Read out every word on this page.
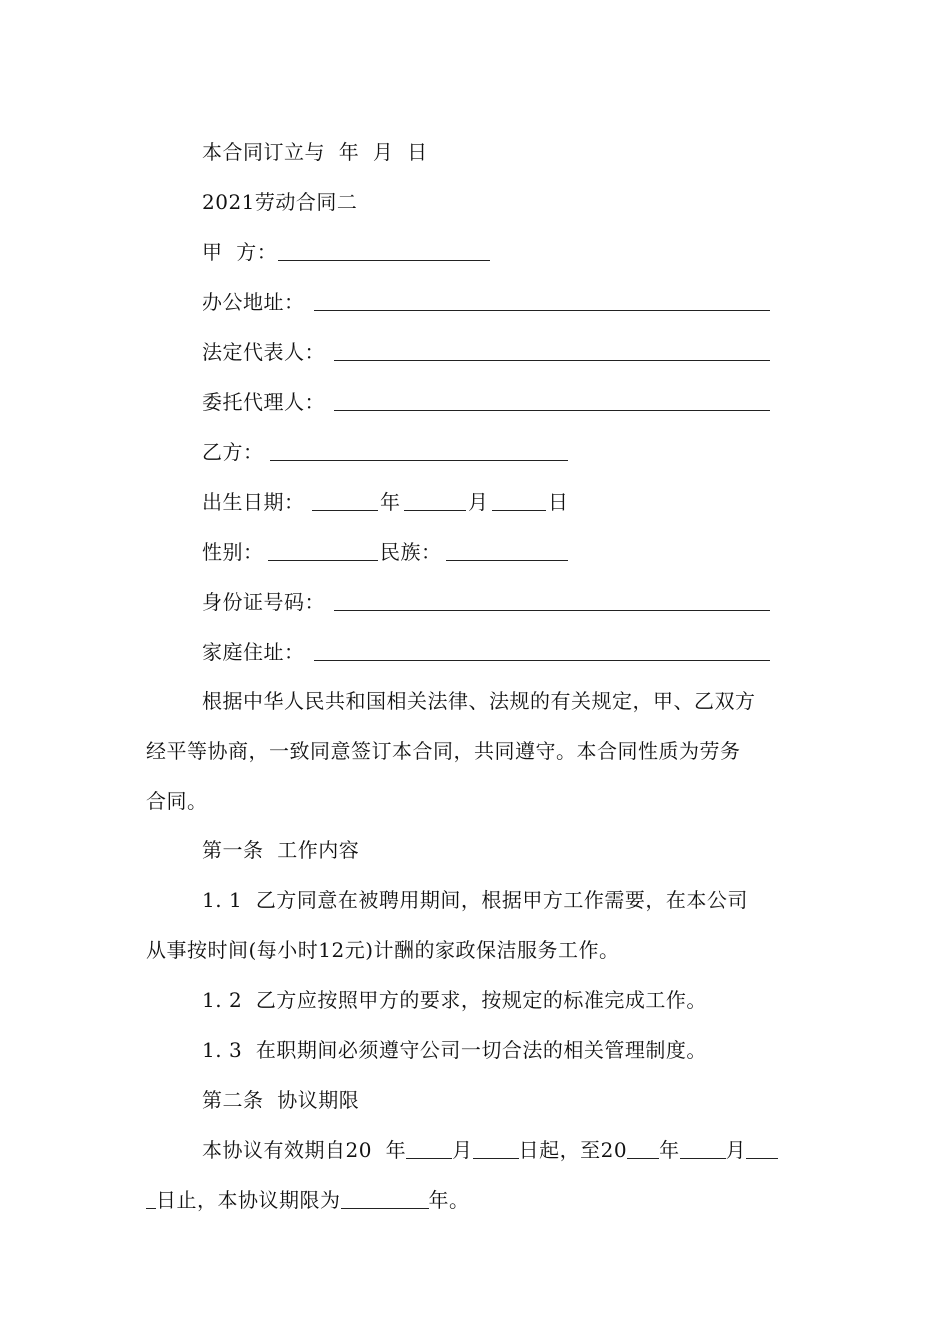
本合同订立与  年  月  日
2021劳动合同二
甲  方：
办公地址：
法定代表人：
委托代理人：
乙方：
出生日期：	年	月	日
性别：	民族：
身份证号码：
家庭住址：
根据中华人民共和国相关法律、法规的有关规定，甲、乙双方
经平等协商，一致同意签订本合同，共同遵守。本合同性质为劳务
合同。
第一条  工作内容
1. 1  乙方同意在被聘用期间，根据甲方工作需要，在本公司
从事按时间(每小时12元)计酬的家政保洁服务工作。
1. 2  乙方应按照甲方的要求，按规定的标准完成工作。
1. 3  在职期间必须遵守公司一切合法的相关管理制度。
第二条  协议期限
本协议有效期自20  年 月 日起，至20 年 月
日止，本协议期限为	年。
